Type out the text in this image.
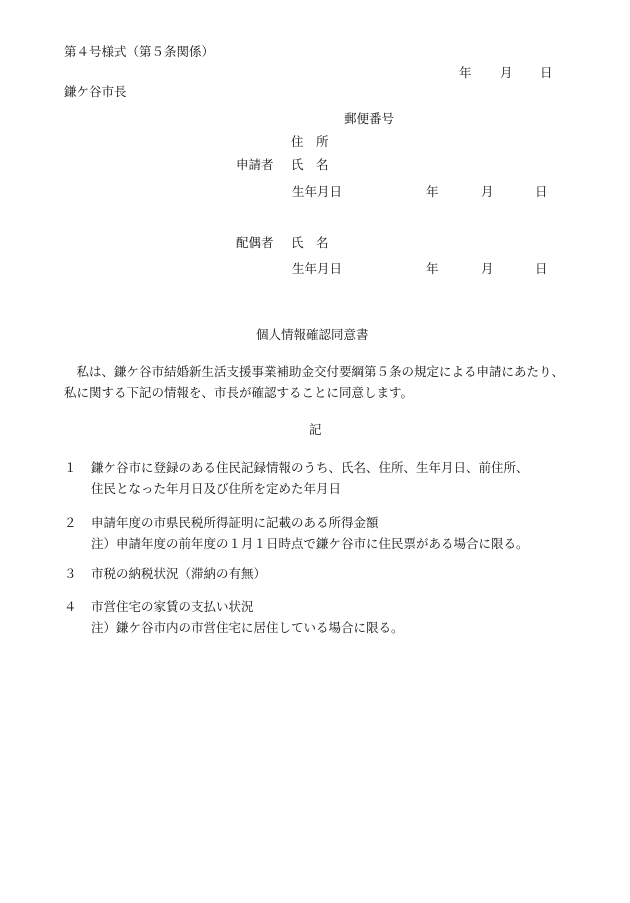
第４号様式（第５条関係）
年 月 日
鎌ケ谷市長
郵便番号
住　所
申請者 氏　名
生年月日	年	月	日
配偶者 氏　名
生年月日	年	月	日
個人情報確認同意書

　私は、鎌ケ谷市結婚新生活支援事業補助金交付要綱第５条の規定による申請にあたり、私に関する下記の情報を、市長が確認することに同意します。

記
１ 鎌ケ谷市に登録のある住民記録情報のうち、氏名、住所、生年月日、前住所、
住民となった年月日及び住所を定めた年月日
２ 申請年度の市県民税所得証明に記載のある所得金額
注）申請年度の前年度の１月１日時点で鎌ケ谷市に住民票がある場合に限る。
３ 市税の納税状況（滞納の有無）
４ 市営住宅の家賃の支払い状況
注）鎌ケ谷市内の市営住宅に居住している場合に限る。
